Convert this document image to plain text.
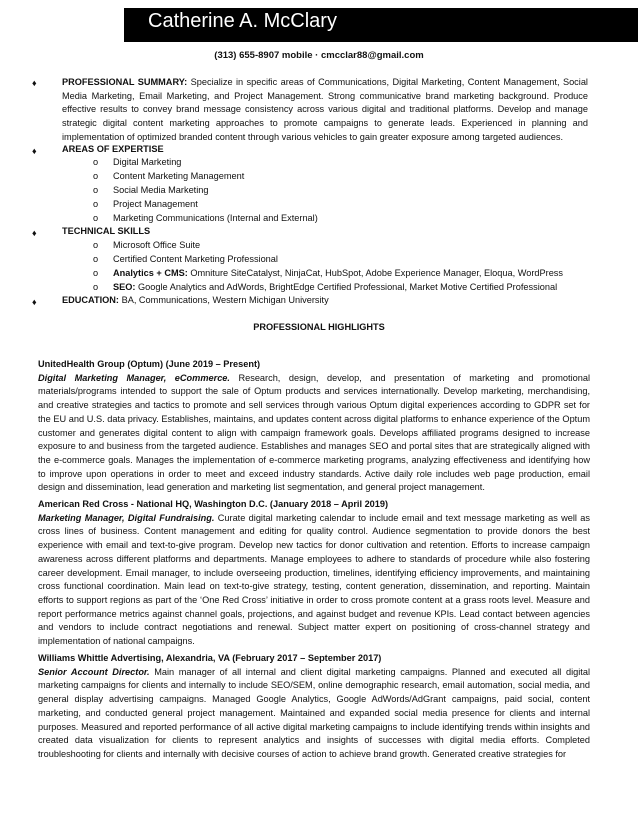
Catherine A. McClary
(313) 655-8907 mobile · cmcclar88@gmail.com
♦	PROFESSIONAL SUMMARY: Specialize in specific areas of Communications, Digital Marketing, Content Management, Social Media Marketing, Email Marketing, and Project Management. Strong communicative brand marketing background. Produce effective results to convey brand message consistency across various digital and traditional platforms. Develop and manage strategic digital content marketing approaches to promote campaigns to generate leads. Experienced in planning and implementation of optimized branded content through various vehicles to gain greater exposure among targeted audiences.
♦	AREAS OF EXPERTISE
o Digital Marketing
o Content Marketing Management
o Social Media Marketing
o Project Management
o Marketing Communications (Internal and External)
♦	TECHNICAL SKILLS
o Microsoft Office Suite
o Certified Content Marketing Professional
o Analytics + CMS: Omniture SiteCatalyst, NinjaCat, HubSpot, Adobe Experience Manager, Eloqua, WordPress
o SEO: Google Analytics and AdWords, BrightEdge Certified Professional, Market Motive Certified Professional
♦	EDUCATION: BA, Communications, Western Michigan University
PROFESSIONAL HIGHLIGHTS
UnitedHealth Group (Optum) (June 2019 – Present)
Digital Marketing Manager, eCommerce. Research, design, develop, and presentation of marketing and promotional materials/programs intended to support the sale of Optum products and services internationally. Develop marketing, merchandising, and creative strategies and tactics to promote and sell services through various Optum digital experiences according to GDPR set for the EU and U.S. data privacy. Establishes, maintains, and updates content across digital platforms to enhance experience of the Optum customer and generates digital content to align with campaign framework goals. Develops affiliated programs designed to increase exposure to and business from the targeted audience. Establishes and manages SEO and portal sites that are strategically aligned with the e-commerce goals. Manages the implementation of e-commerce marketing programs, analyzing effectiveness and identifying how to improve upon operations in order to meet and exceed industry standards. Active daily role includes web page production, email design and dissemination, lead generation and marketing list segmentation, and general project management.
American Red Cross - National HQ, Washington D.C. (January 2018 – April 2019)
Marketing Manager, Digital Fundraising. Curate digital marketing calendar to include email and text message marketing as well as cross lines of business. Content management and editing for quality control. Audience segmentation to provide donors the best experience with email and text-to-give program. Develop new tactics for donor cultivation and retention. Efforts to increase campaign awareness across different platforms and departments. Manage employees to adhere to standards of procedure while also fostering career development. Email manager, to include overseeing production, timelines, identifying efficiency improvements, and maintaining cross functional coordination. Main lead on text-to-give strategy, testing, content generation, dissemination, and reporting. Maintain efforts to support regions as part of the ‘One Red Cross’ initiative in order to cross promote content at a grass roots level. Measure and report performance metrics against channel goals, projections, and against budget and revenue KPIs. Lead contact between agencies and vendors to include contract negotiations and renewal. Subject matter expert on positioning of cross-channel strategy and implementation of national campaigns.
Williams Whittle Advertising, Alexandria, VA (February 2017 – September 2017)
Senior Account Director. Main manager of all internal and client digital marketing campaigns. Planned and executed all digital marketing campaigns for clients and internally to include SEO/SEM, online demographic research, email automation, social media, and general display advertising campaigns. Managed Google Analytics, Google AdWords/AdGrant campaigns, paid social, content marketing, and conducted general project management. Maintained and expanded social media presence for clients and internal purposes. Measured and reported performance of all active digital marketing campaigns to include identifying trends within insights and created data visualization for clients to represent analytics and insights of successes with digital media efforts. Completed troubleshooting for clients and internally with decisive courses of action to achieve brand growth. Generated creative strategies for
